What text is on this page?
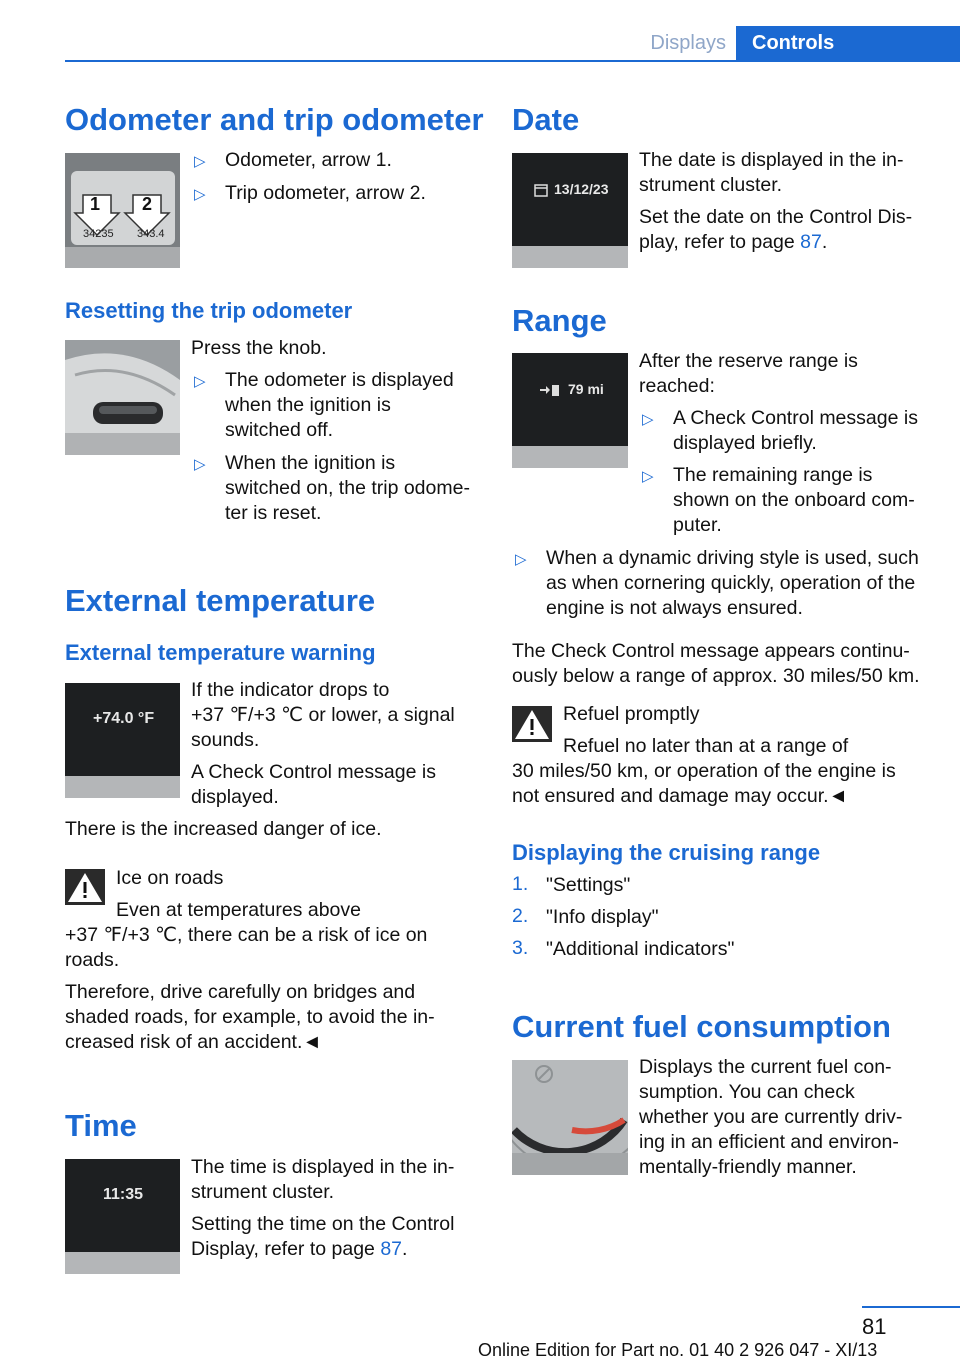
Displays	Controls
Odometer and trip odometer
1 2
34235 343.4
▷ Odometer, arrow 1.
▷ Trip odometer, arrow 2.
Resetting the trip odometer
Press the knob.
▷ The odometer is displayed
when the ignition is
switched off.
▷ When the ignition is
switched on, the trip odome-
ter is reset.
External temperature
External temperature warning
+74.0 °F
If the indicator drops to
+37 ℉/+3 ℃ or lower, a signal
sounds.
A Check Control message is
displayed.
There is the increased danger of ice.
Ice on roads
Even at temperatures above
+37 ℉/+3 ℃, there can be a risk of ice on
roads.
Therefore, drive carefully on bridges and
shaded roads, for example, to avoid the in-
creased risk of an accident.◄
Time
11:35
The time is displayed in the in-
strument cluster.
Setting the time on the Control
Display, refer to page 87.
Date
13/12/23
The date is displayed in the in-
strument cluster.
Set the date on the Control Dis-
play, refer to page 87.
Range
79 mi
After the reserve range is
reached:
▷ A Check Control message is
displayed briefly.
▷ The remaining range is
shown on the onboard com-
puter.
▷ When a dynamic driving style is used, such
as when cornering quickly, operation of the
engine is not always ensured.
The Check Control message appears continu-
ously below a range of approx. 30 miles/50 km.
Refuel promptly
Refuel no later than at a range of
30 miles/50 km, or operation of the engine is
not ensured and damage may occur.◄
Displaying the cruising range
1. "Settings"
2. "Info display"
3. "Additional indicators"
Current fuel consumption
Displays the current fuel con-
sumption. You can check
whether you are currently driv-
ing in an efficient and environ-
mentally-friendly manner.
81
Online Edition for Part no. 01 40 2 926 047 - XI/13
